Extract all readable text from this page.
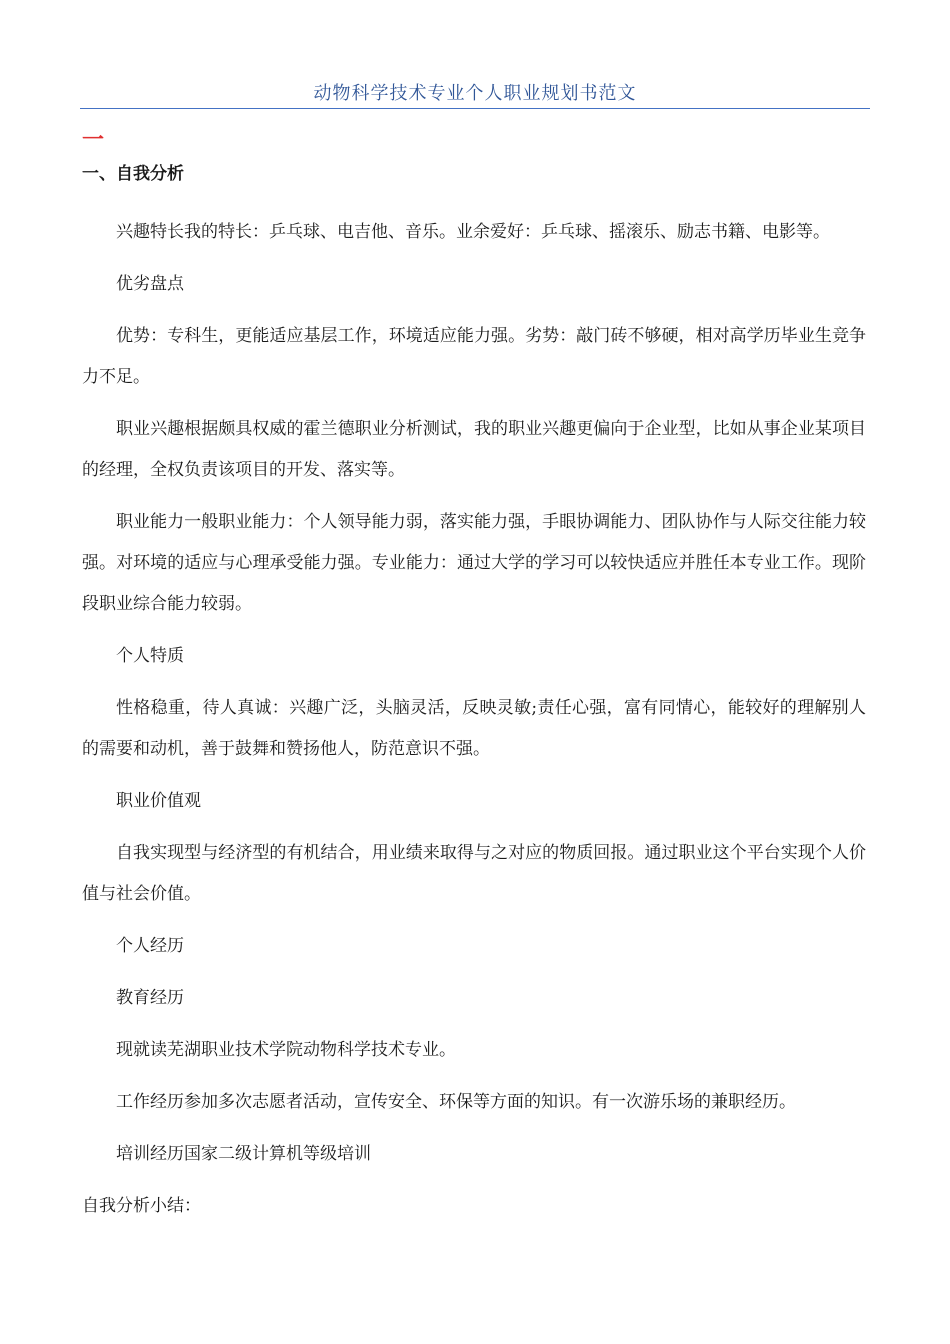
动物科学技术专业个人职业规划书范文
一
一、自我分析

兴趣特长我的特长：乒乓球、电吉他、音乐。业余爱好：乒乓球、摇滚乐、励志书籍、电影等。

优劣盘点

优势：专科生，更能适应基层工作，环境适应能力强。劣势：敲门砖不够硬，相对高学历毕业生竞争力不足。

职业兴趣根据颇具权威的霍兰德职业分析测试，我的职业兴趣更偏向于企业型，比如从事企业某项目的经理，全权负责该项目的开发、落实等。

职业能力一般职业能力：个人领导能力弱，落实能力强，手眼协调能力、团队协作与人际交往能力较强。对环境的适应与心理承受能力强。专业能力：通过大学的学习可以较快适应并胜任本专业工作。现阶段职业综合能力较弱。

个人特质

性格稳重，待人真诚：兴趣广泛，头脑灵活，反映灵敏;责任心强，富有同情心，能较好的理解别人的需要和动机，善于鼓舞和赞扬他人，防范意识不强。

职业价值观

自我实现型与经济型的有机结合，用业绩来取得与之对应的物质回报。通过职业这个平台实现个人价值与社会价值。

个人经历

教育经历

现就读芜湖职业技术学院动物科学技术专业。

工作经历参加多次志愿者活动，宣传安全、环保等方面的知识。有一次游乐场的兼职经历。

培训经历国家二级计算机等级培训

自我分析小结：
